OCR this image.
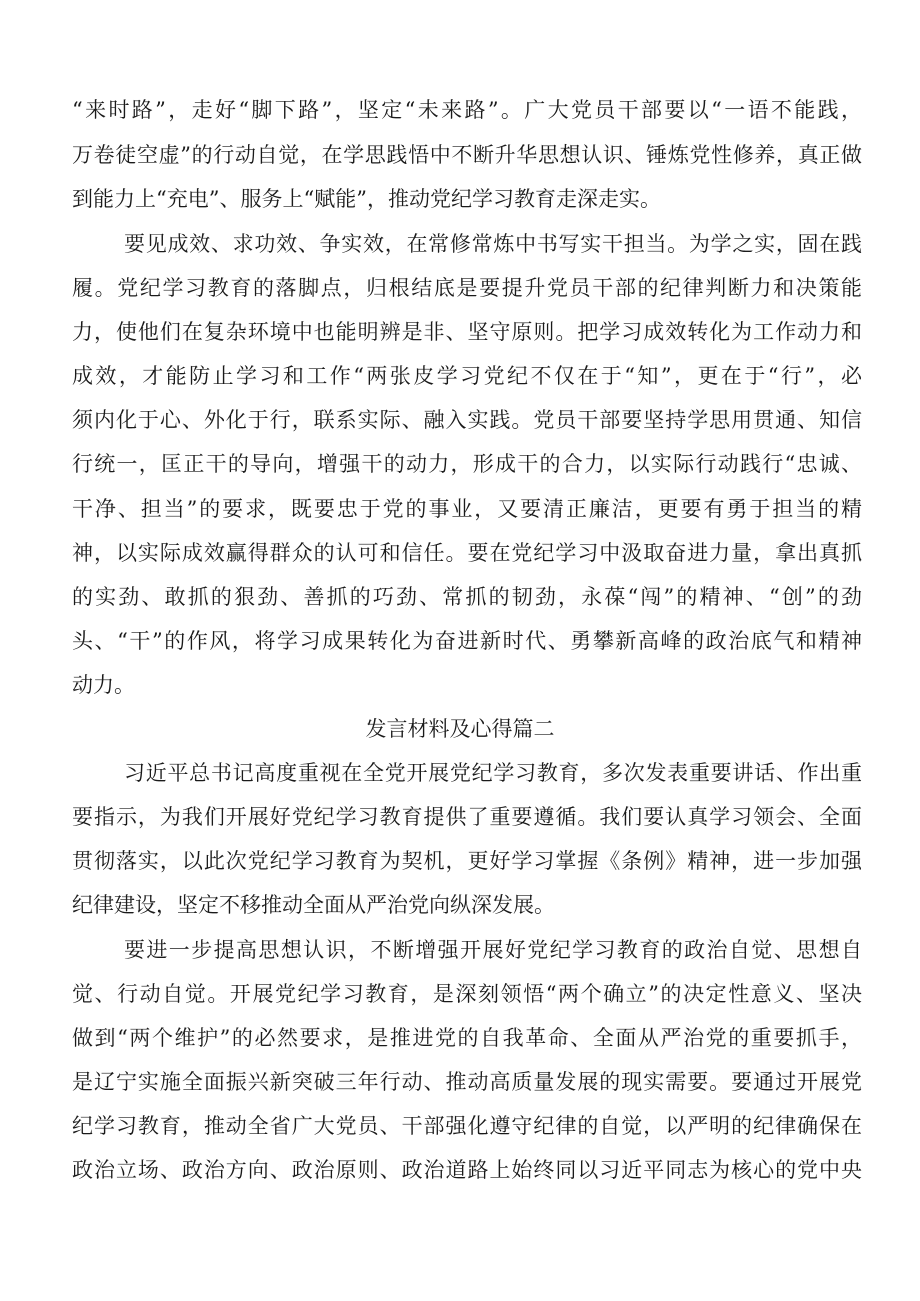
“来时路”，走好“脚下路”，坚定“未来路”。广大党员干部要以“一语不能践，

万卷徒空虚”的行动自觉，在学思践悟中不断升华思想认识、锤炼党性修养，真正做

到能力上“充电”、服务上“赋能”，推动党纪学习教育走深走实。

要见成效、求功效、争实效，在常修常炼中书写实干担当。为学之实，固在践

履。党纪学习教育的落脚点，归根结底是要提升党员干部的纪律判断力和决策能

力，使他们在复杂环境中也能明辨是非、坚守原则。把学习成效转化为工作动力和

成效，才能防止学习和工作“两张皮学习党纪不仅在于“知”，更在于“行”，必

须内化于心、外化于行，联系实际、融入实践。党员干部要坚持学思用贯通、知信

行统一，匡正干的导向，增强干的动力，形成干的合力，以实际行动践行“忠诚、

干净、担当”的要求，既要忠于党的事业，又要清正廉洁，更要有勇于担当的精

神，以实际成效赢得群众的认可和信任。要在党纪学习中汲取奋进力量，拿出真抓

的实劲、敢抓的狠劲、善抓的巧劲、常抓的韧劲，永葆“闯”的精神、“创”的劲

头、“干”的作风，将学习成果转化为奋进新时代、勇攀新高峰的政治底气和精神

动力。

发言材料及心得篇二

习近平总书记高度重视在全党开展党纪学习教育，多次发表重要讲话、作出重

要指示，为我们开展好党纪学习教育提供了重要遵循。我们要认真学习领会、全面

贯彻落实，以此次党纪学习教育为契机，更好学习掌握《条例》精神，进一步加强

纪律建设，坚定不移推动全面从严治党向纵深发展。

要进一步提高思想认识，不断增强开展好党纪学习教育的政治自觉、思想自

觉、行动自觉。开展党纪学习教育，是深刻领悟“两个确立”的决定性意义、坚决

做到“两个维护”的必然要求，是推进党的自我革命、全面从严治党的重要抓手，

是辽宁实施全面振兴新突破三年行动、推动高质量发展的现实需要。要通过开展党

纪学习教育，推动全省广大党员、干部强化遵守纪律的自觉，以严明的纪律确保在

政治立场、政治方向、政治原则、政治道路上始终同以习近平同志为核心的党中央
